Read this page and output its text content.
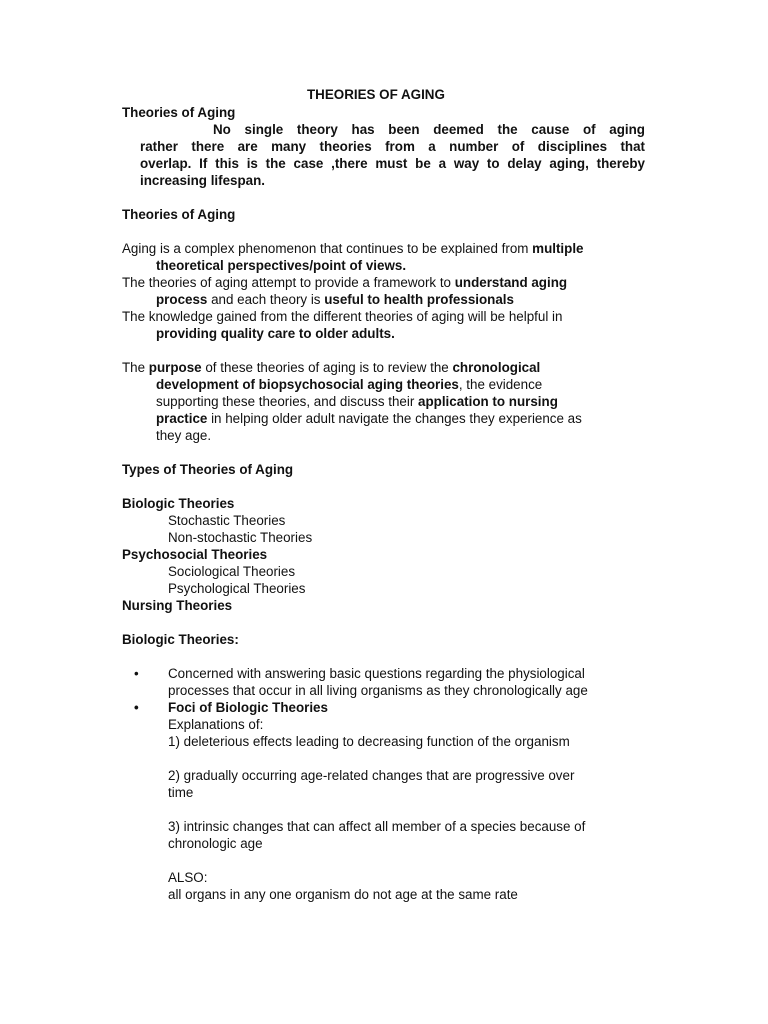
THEORIES OF AGING
Theories of Aging
No single theory has been deemed the cause of aging
rather there are many theories from a number of disciplines that
overlap. If this is the case ,there must be a way to delay aging, thereby
increasing lifespan.
Theories of Aging
Aging is a complex phenomenon that continues to be explained from multiple
theoretical perspectives/point of views.
The theories of aging attempt to provide a framework to understand aging
process and each theory is useful to health professionals
The knowledge gained from the different theories of aging will be helpful in
providing quality care to older adults.
The purpose of these theories of aging is to review the chronological
development of biopsychosocial aging theories, the evidence
supporting these theories, and discuss their application to nursing
practice in helping older adult navigate the changes they experience as
they age.
Types of Theories of Aging
Biologic Theories
Stochastic Theories
Non-stochastic Theories
Psychosocial Theories
Sociological Theories
Psychological Theories
Nursing Theories
Biologic Theories:
• Concerned with answering basic questions regarding the physiological
processes that occur in all living organisms as they chronologically age
• Foci of Biologic Theories
Explanations of:
1) deleterious effects leading to decreasing function of the organism
2) gradually occurring age-related changes that are progressive over
time
3) intrinsic changes that can affect all member of a species because of
chronologic age
ALSO:
all organs in any one organism do not age at the same rate
